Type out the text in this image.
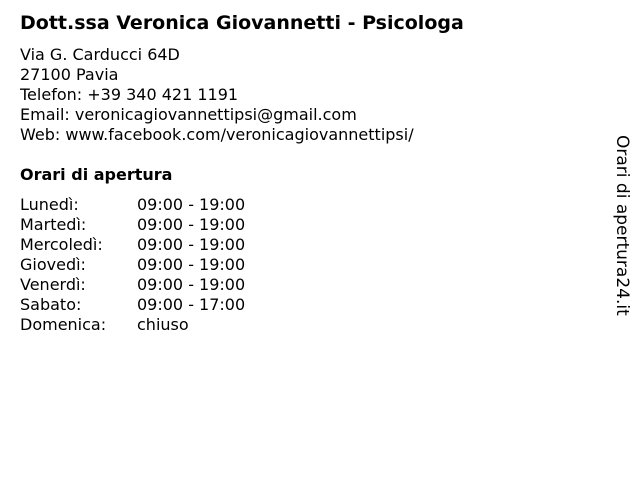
Dott.ssa Veronica Giovannetti - Psicologa
Via G. Carducci 64D
27100 Pavia
Telefon: +39 340 421 1191
Email: veronicagiovannettipsi@gmail.com
Web: www.facebook.com/veronicagiovannettipsi/
Orari di apertura
Lunedì:	09:00 - 19:00
Martedì:	09:00 - 19:00
Mercoledì: 09:00 - 19:00
Giovedì:	09:00 - 19:00
Venerdì:	09:00 - 19:00
Sabato:	09:00 - 17:00
Domenica: chiuso
Orari di apertura24.it
